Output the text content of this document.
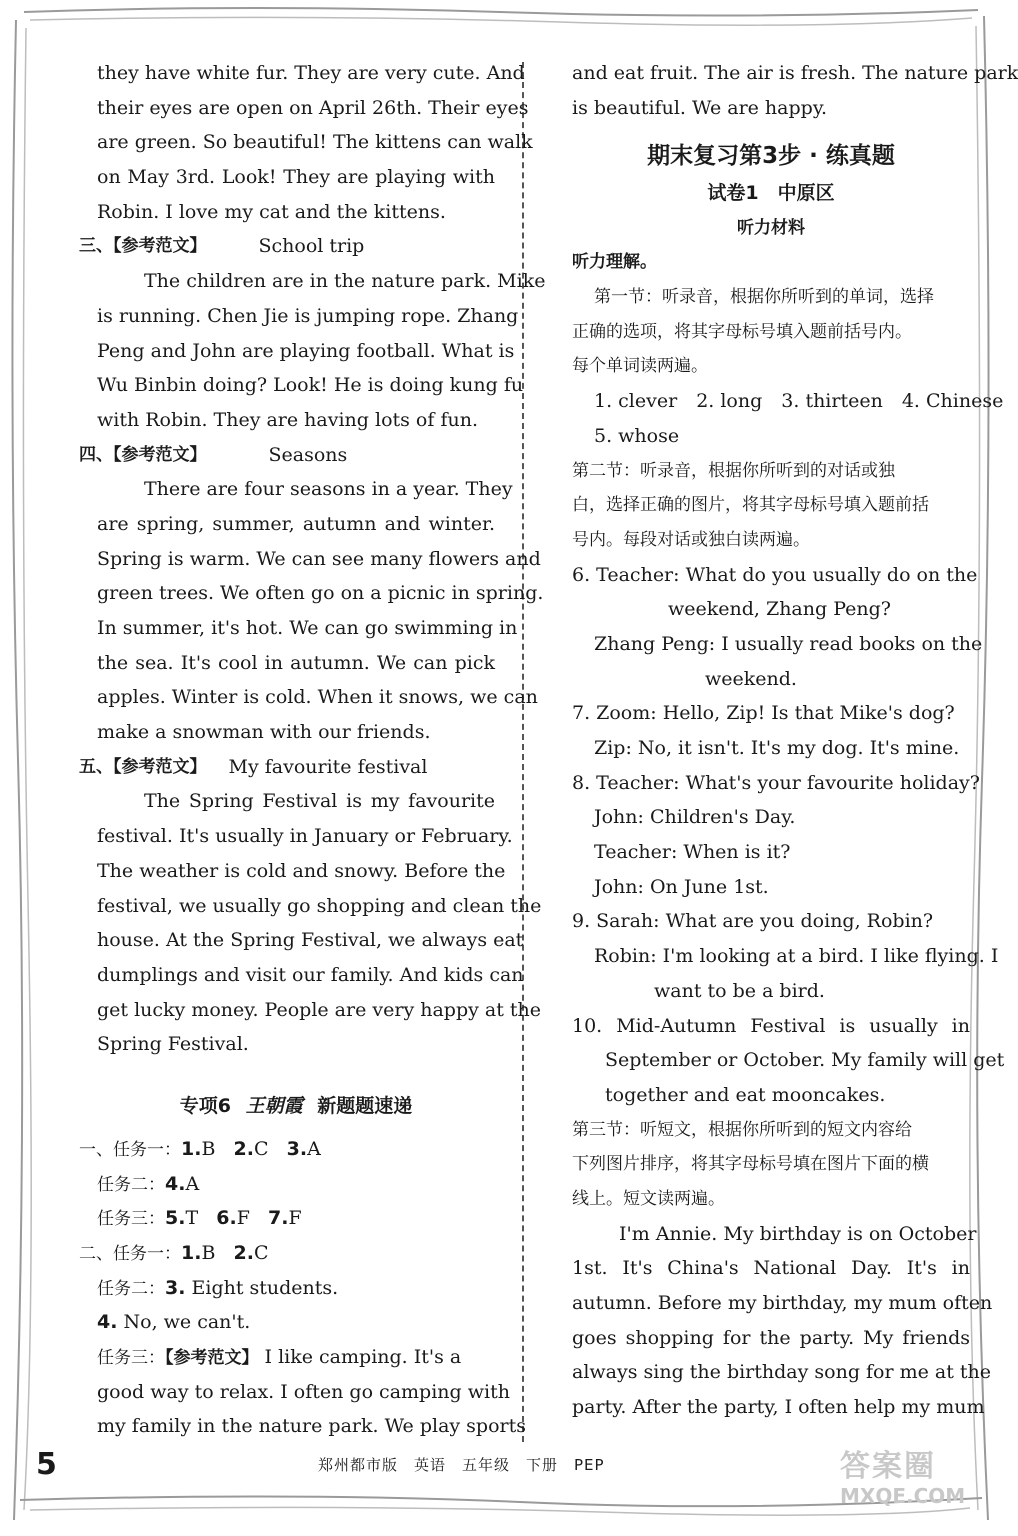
they have white fur. They are very cute. And
their eyes are open on April 26th. Their eyes
are green. So beautiful! The kittens can walk
on May 3rd. Look! They are playing with
Robin. I love my cat and the kittens.
三、【参考范文】	School trip
The children are in the nature park. Mike
is running. Chen Jie is jumping rope. Zhang
Peng and John are playing football. What is
Wu Binbin doing? Look! He is doing kung fu
with Robin. They are having lots of fun.
四、【参考范文】	Seasons
There are four seasons in a year. They
are spring, summer, autumn and winter.
Spring is warm. We can see many flowers and
green trees. We often go on a picnic in spring.
In summer, it's hot. We can go swimming in
the sea. It's cool in autumn. We can pick
apples. Winter is cold. When it snows, we can
make a snowman with our friends.
五、【参考范文】 My favourite festival
The Spring Festival is my favourite
festival. It's usually in January or February.
The weather is cold and snowy. Before the
festival, we usually go shopping and clean the
house. At the Spring Festival, we always eat
dumplings and visit our family. And kids can
get lucky money. People are very happy at the
Spring Festival.
专项6 王朝霞 新题题速递
一、任务一：1.B 2.C 3.A
任务二：4.A
任务三：5.T 6.F 7.F
二、任务一：1.B 2.C
任务二：3. Eight students.
4. No, we can't.
任务三：【参考范文】 I like camping. It's a
good way to relax. I often go camping with
my family in the nature park. We play sports
and eat fruit. The air is fresh. The nature park
is beautiful. We are happy.
期末复习第3步 · 练真题
试卷1　中原区
听力材料
听力理解。
第一节：听录音，根据你所听到的单词，选择
正确的选项，将其字母标号填入题前括号内。
每个单词读两遍。
1. clever　2. long　3. thirteen　4. Chinese
5. whose
第二节：听录音，根据你所听到的对话或独
白，选择正确的图片，将其字母标号填入题前括
号内。每段对话或独白读两遍。
6. Teacher: What do you usually do on the
weekend, Zhang Peng?
Zhang Peng: I usually read books on the
weekend.
7. Zoom: Hello, Zip! Is that Mike's dog?
Zip: No, it isn't. It's my dog. It's mine.
8. Teacher: What's your favourite holiday?
John: Children's Day.
Teacher: When is it?
John: On June 1st.
9. Sarah: What are you doing, Robin?
Robin: I'm looking at a bird. I like flying. I
want to be a bird.
10. Mid-Autumn Festival is usually in
September or October. My family will get
together and eat mooncakes.
第三节：听短文，根据你所听到的短文内容给
下列图片排序，将其字母标号填在图片下面的横
线上。短文读两遍。
I'm Annie. My birthday is on October
1st. It's China's National Day. It's in
autumn. Before my birthday, my mum often
goes shopping for the party. My friends
always sing the birthday song for me at the
party. After the party, I often help my mum
5	郑州都市版　英语　五年级　下册　PEP	答案圈
MXQE.COM
